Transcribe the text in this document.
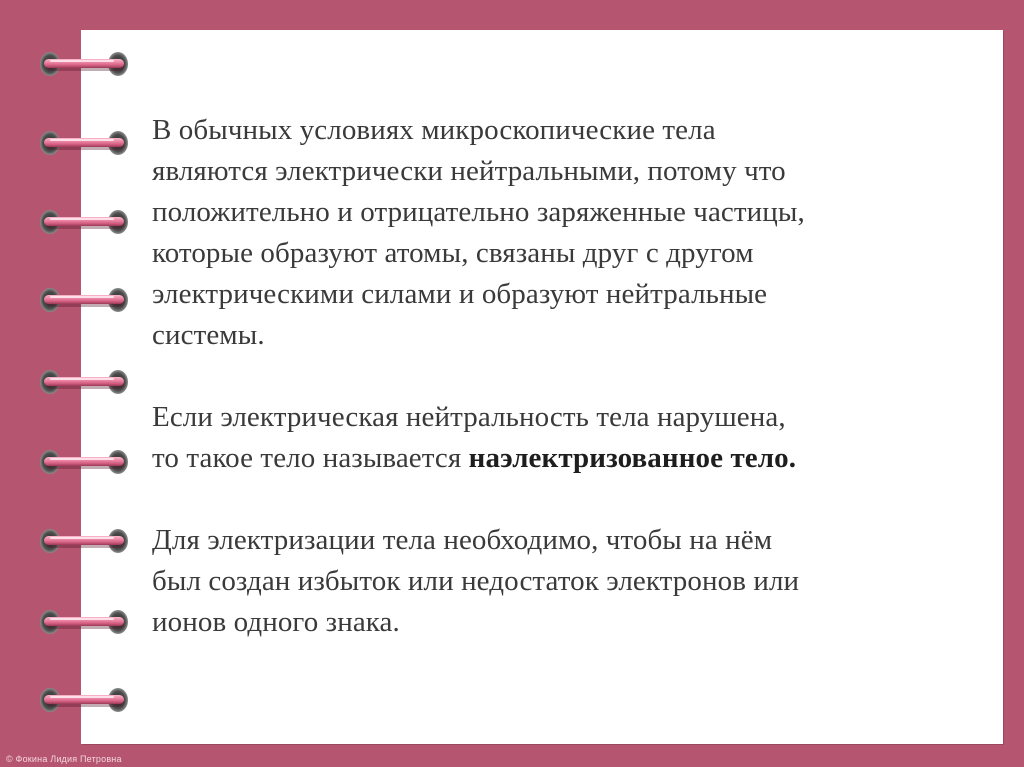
В обычных условиях микроскопические тела
являются электрически нейтральными, потому что
положительно и отрицательно заряженные частицы,
которые образуют атомы, связаны друг с другом
электрическими силами и образуют нейтральные
системы.

Если электрическая нейтральность тела нарушена,
то такое тело называется наэлектризованное тело.

Для электризации тела необходимо, чтобы на нём
был создан избыток или недостаток электронов или
ионов одного знака.

© Фокина Лидия Петровна
